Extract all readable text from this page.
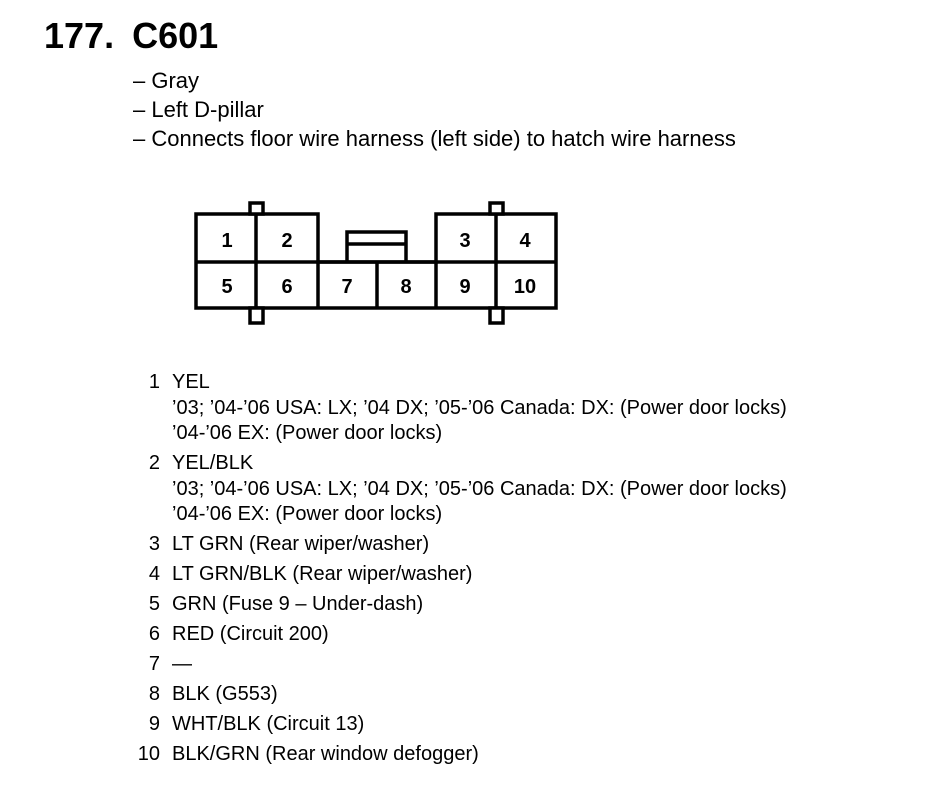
177. C601
– Gray
– Left D-pillar
– Connects floor wire harness (left side) to hatch wire harness
1 2	3 4
5 6 7 8 9 10
1 YEL
’03; ’04-’06 USA: LX; ’04 DX; ’05-’06 Canada: DX: (Power door locks)
’04-’06 EX: (Power door locks)
2 YEL/BLK
’03; ’04-’06 USA: LX; ’04 DX; ’05-’06 Canada: DX: (Power door locks)
’04-’06 EX: (Power door locks)
3 LT GRN (Rear wiper/washer)
4 LT GRN/BLK (Rear wiper/washer)
5 GRN (Fuse 9 – Under-dash)
6 RED (Circuit 200)
7 —
8 BLK (G553)
9 WHT/BLK (Circuit 13)
10 BLK/GRN (Rear window defogger)
